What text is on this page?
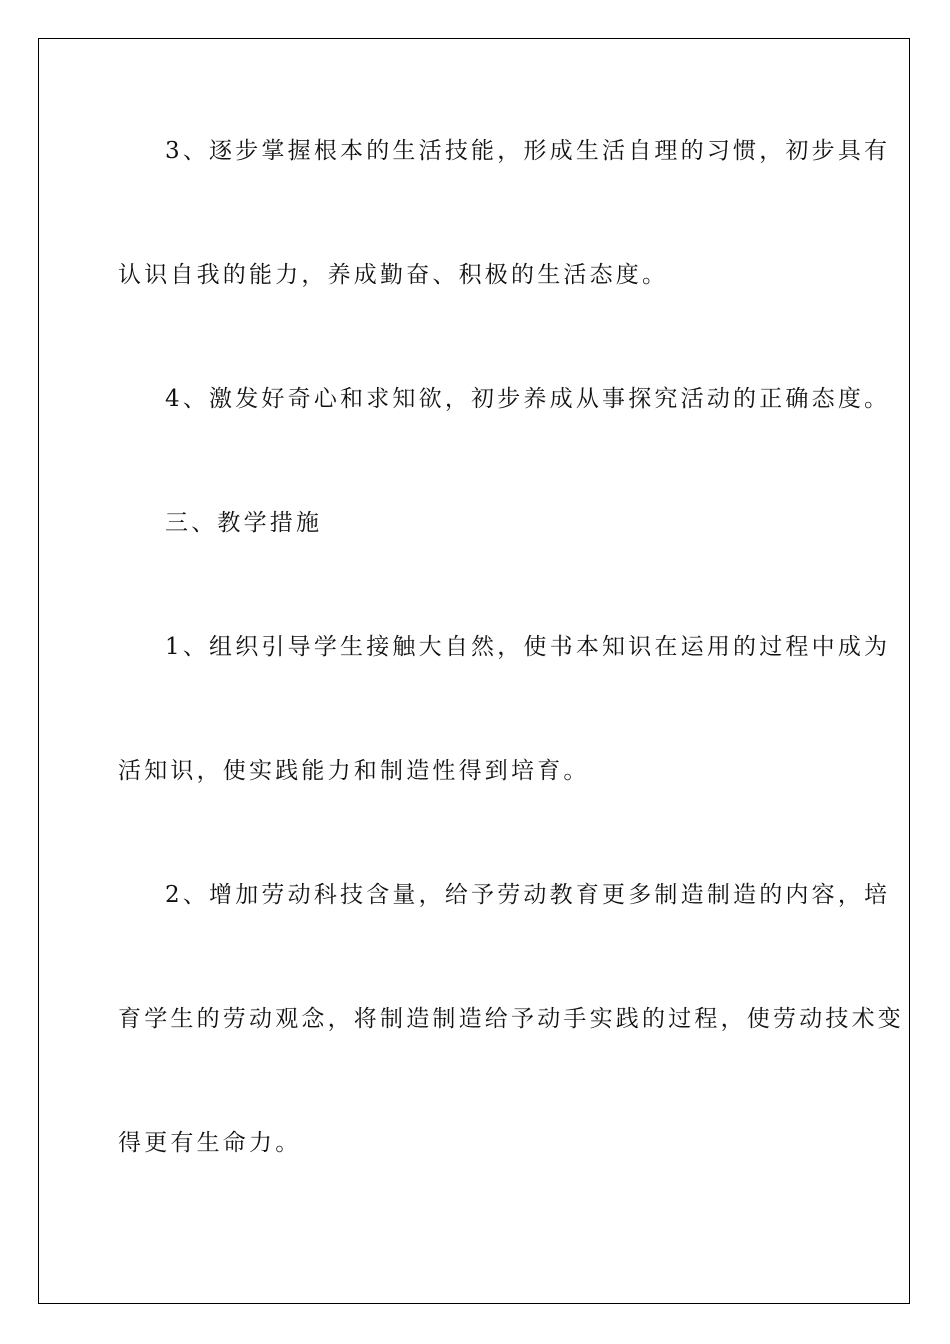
3、逐步掌握根本的生活技能，形成生活自理的习惯，初步具有
认识自我的能力，养成勤奋、积极的生活态度。
4、激发好奇心和求知欲，初步养成从事探究活动的正确态度。
三、教学措施
1、组织引导学生接触大自然，使书本知识在运用的过程中成为
活知识，使实践能力和制造性得到培育。
2、增加劳动科技含量，给予劳动教育更多制造制造的内容，培
育学生的劳动观念，将制造制造给予动手实践的过程，使劳动技术变
得更有生命力。
